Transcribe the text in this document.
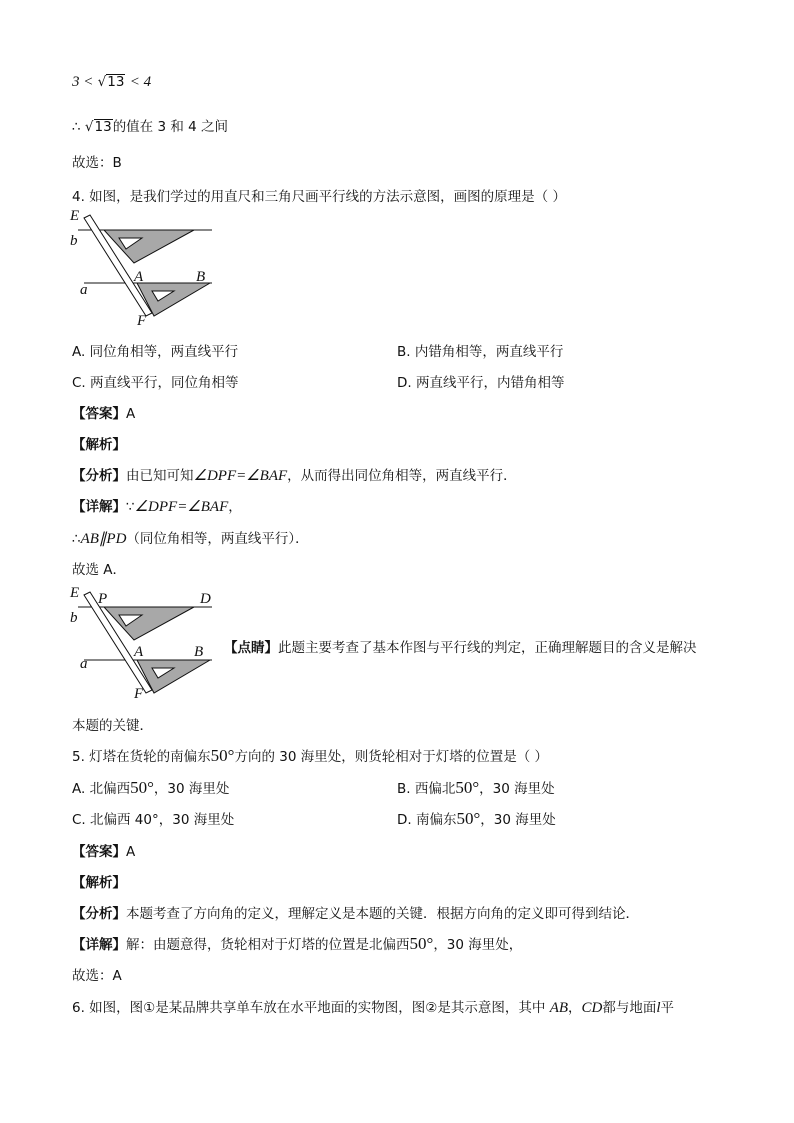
3 < √13 < 4
∴ √13的值在 3 和 4 之间
故选：B
4. 如图，是我们学过的用直尺和三角尺画平行线的方法示意图，画图的原理是（ ）
E
b
A	B
a
F
A. 同位角相等，两直线平行	B. 内错角相等，两直线平行
C. 两直线平行，同位角相等	D. 两直线平行，内错角相等
【答案】A
【解析】
【分析】由已知可知∠DPF=∠BAF，从而得出同位角相等，两直线平行．
【详解】∵∠DPF=∠BAF，
∴AB∥PD（同位角相等，两直线平行）．
故选 A．
E P	D
b
A	B
a
F
【点睛】此题主要考查了基本作图与平行线的判定，正确理解题目的含义是解决
本题的关键．
5. 灯塔在货轮的南偏东50°方向的 30 海里处，则货轮相对于灯塔的位置是（ ）
A. 北偏西50°，30 海里处	B. 西偏北50°，30 海里处
C. 北偏西 40°，30 海里处	D. 南偏东50°，30 海里处
【答案】A
【解析】
【分析】本题考查了方向角的定义，理解定义是本题的关键．根据方向角的定义即可得到结论．
【详解】解：由题意得，货轮相对于灯塔的位置是北偏西50°，30 海里处，
故选：A
6. 如图，图①是某品牌共享单车放在水平地面的实物图，图②是其示意图，其中 AB，CD都与地面l平
